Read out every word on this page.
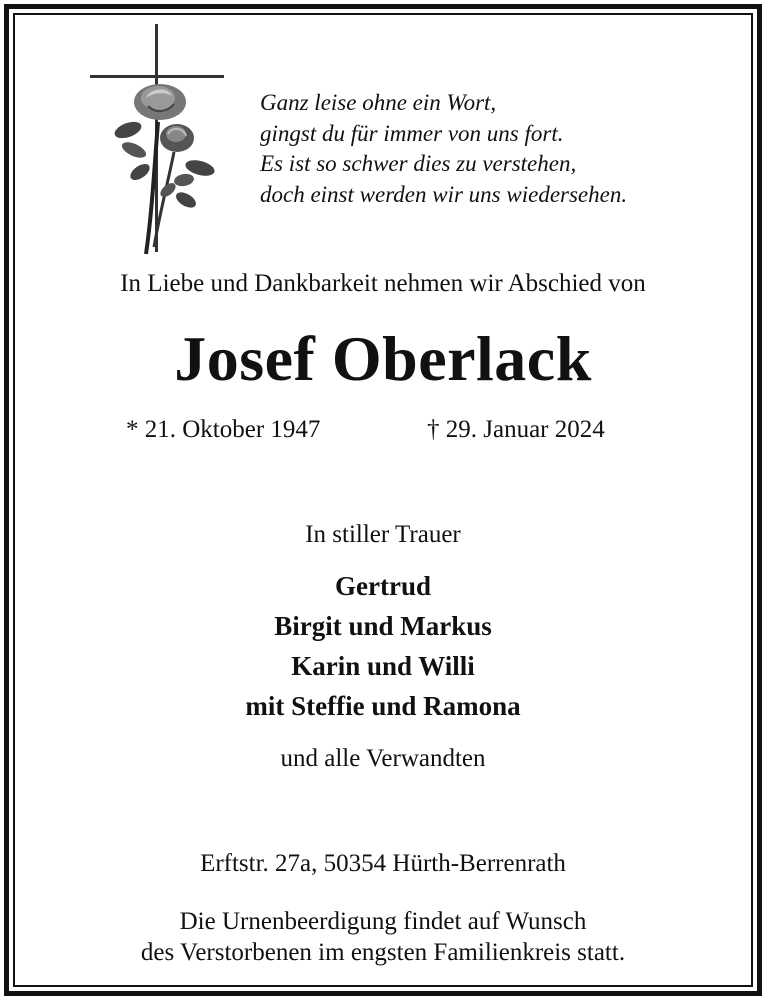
Ganz leise ohne ein Wort,
gingst du für immer von uns fort.
Es ist so schwer dies zu verstehen,
doch einst werden wir uns wiedersehen.
In Liebe und Dankbarkeit nehmen wir Abschied von
Josef Oberlack
* 21. Oktober 1947	† 29. Januar 2024
In stiller Trauer
Gertrud
Birgit und Markus
Karin und Willi
mit Steffie und Ramona
und alle Verwandten
Erftstr. 27a, 50354 Hürth-Berrenrath
Die Urnenbeerdigung findet auf Wunsch
des Verstorbenen im engsten Familienkreis statt.
